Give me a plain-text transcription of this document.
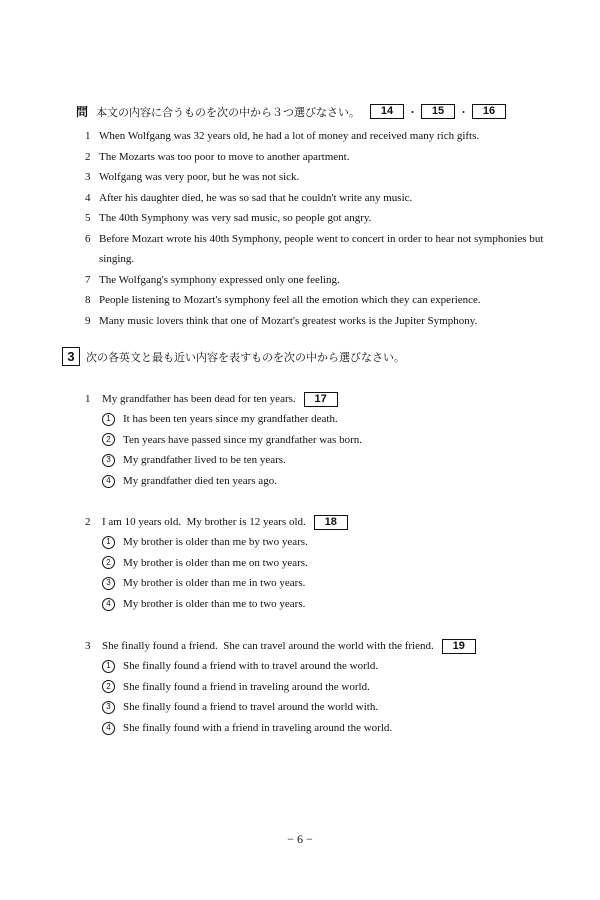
問 本文の内容に合うものを次の中から３つ選びなさい。	14	・	15	・	16
1 When Wolfgang was 32 years old, he had a lot of money and received many rich gifts.
2 The Mozarts was too poor to move to another apartment.
3 Wolfgang was very poor, but he was not sick.
4 After his daughter died, he was so sad that he couldn't write any music.
5 The 40th Symphony was very sad music, so people got angry.
6 Before Mozart wrote his 40th Symphony, people went to concert in order to hear not symphonies but singing.
7 The Wolfgang's symphony expressed only one feeling.
8 People listening to Mozart's symphony feel all the emotion which they can experience.
9 Many music lovers think that one of Mozart's greatest works is the Jupiter Symphony.
3	次の各英文と最も近い内容を表すものを次の中から選びなさい。
1	My grandfather has been dead for ten years.	17
1	It has been ten years since my grandfather death.
2	Ten years have passed since my grandfather was born.
3	My grandfather lived to be ten years.
4	My grandfather died ten years ago.
2	I am 10 years old.  My brother is 12 years old.	18
1	My brother is older than me by two years.
2	My brother is older than me on two years.
3	My brother is older than me in two years.
4	My brother is older than me to two years.
3	She finally found a friend.  She can travel around the world with the friend.	19
1	She finally found a friend with to travel around the world.
2	She finally found a friend in traveling around the world.
3	She finally found a friend to travel around the world with.
4	She finally found with a friend in traveling around the world.
− 6 −
